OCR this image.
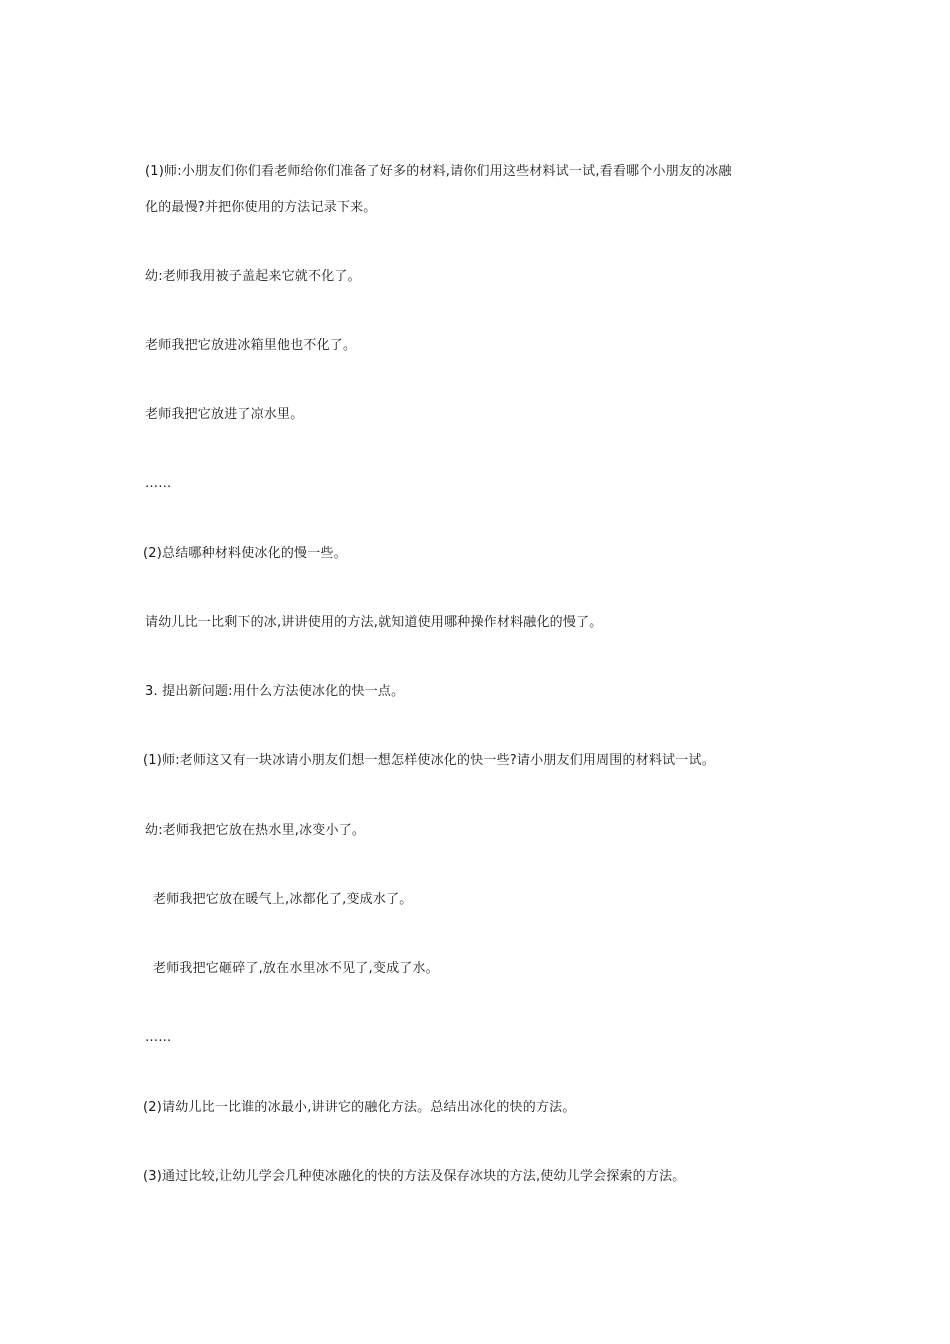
(1)师:小朋友们你们看老师给你们准备了好多的材料,请你们用这些材料试一试,看看哪个小朋友的冰融
化的最慢?并把你使用的方法记录下来。
幼:老师我用被子盖起来它就不化了。
老师我把它放进冰箱里他也不化了。
老师我把它放进了凉水里。
……
(2)总结哪种材料使冰化的慢一些。
请幼儿比一比剩下的冰,讲讲使用的方法,就知道使用哪种操作材料融化的慢了。
3. 提出新问题:用什么方法使冰化的快一点。
(1)师:老师这又有一块冰请小朋友们想一想怎样使冰化的快一些?请小朋友们用周围的材料试一试。
幼:老师我把它放在热水里,冰变小了。
老师我把它放在暖气上,冰都化了,变成水了。
老师我把它砸碎了,放在水里冰不见了,变成了水。
……
(2)请幼儿比一比谁的冰最小,讲讲它的融化方法。总结出冰化的快的方法。
(3)通过比较,让幼儿学会几种使冰融化的快的方法及保存冰块的方法,使幼儿学会探索的方法。
